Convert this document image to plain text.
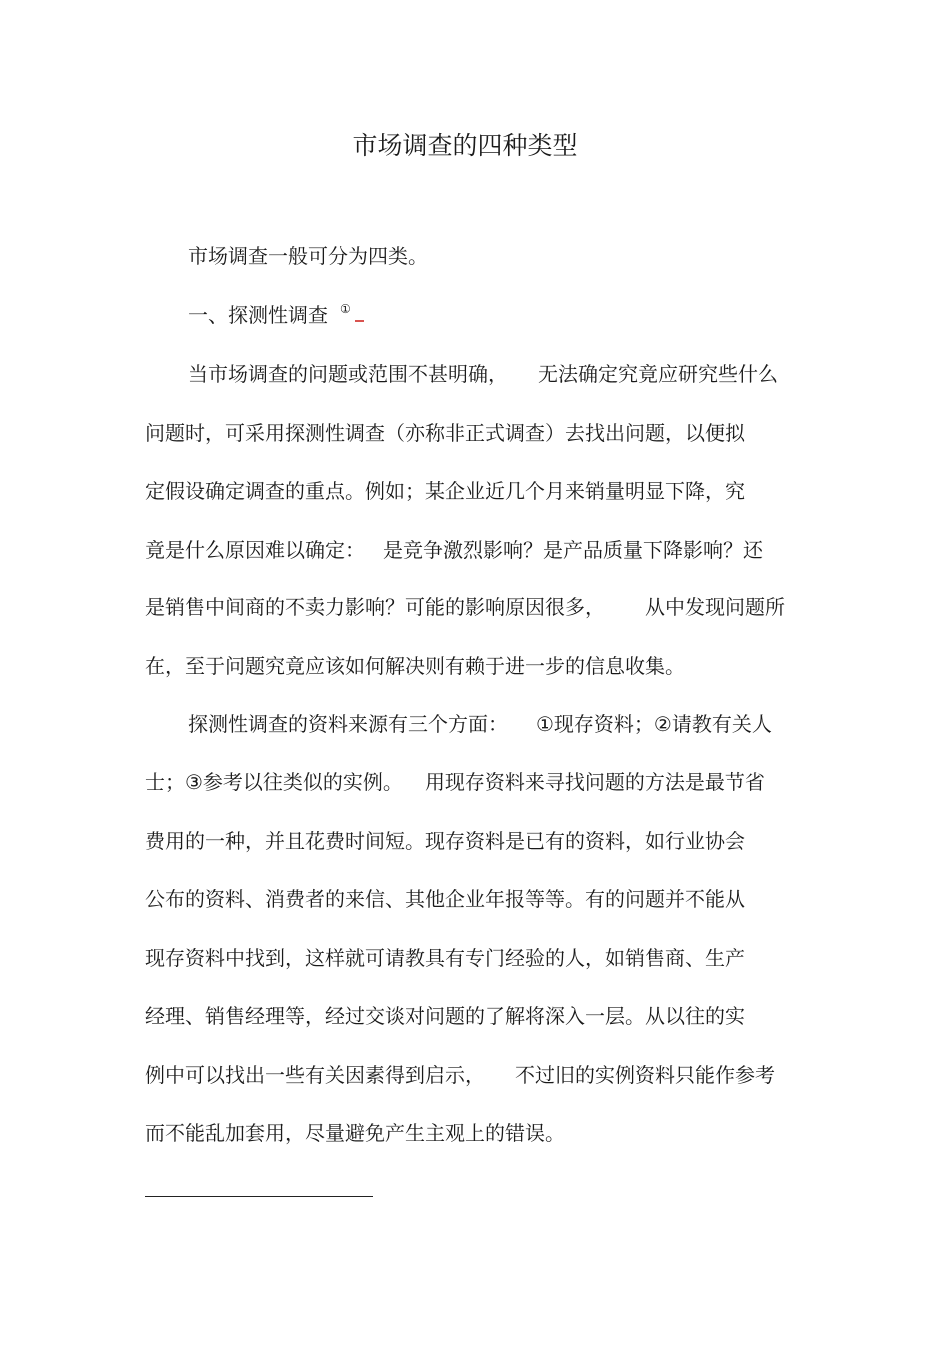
市场调查的四种类型
市场调查一般可分为四类。
一、探测性调查 ①
当市场调查的问题或范围不甚明确， 无法确定究竟应研究些什么
问题时，可采用探测性调查（亦称非正式调查）去找出问题，以便拟
定假设确定调查的重点。例如；某企业近几个月来销量明显下降，究
竟是什么原因难以确定： 是竞争激烈影响？是产品质量下降影响？还
是销售中间商的不卖力影响？可能的影响原因很多， 从中发现问题所
在，至于问题究竟应该如何解决则有赖于进一步的信息收集。
探测性调查的资料来源有三个方面： ①现存资料；②请教有关人
士；③参考以往类似的实例。 用现存资料来寻找问题的方法是最节省
费用的一种，并且花费时间短。现存资料是已有的资料，如行业协会
公布的资料、消费者的来信、其他企业年报等等。有的问题并不能从
现存资料中找到，这样就可请教具有专门经验的人，如销售商、生产
经理、销售经理等，经过交谈对问题的了解将深入一层。从以往的实
例中可以找出一些有关因素得到启示， 不过旧的实例资料只能作参考
而不能乱加套用，尽量避免产生主观上的错误。
